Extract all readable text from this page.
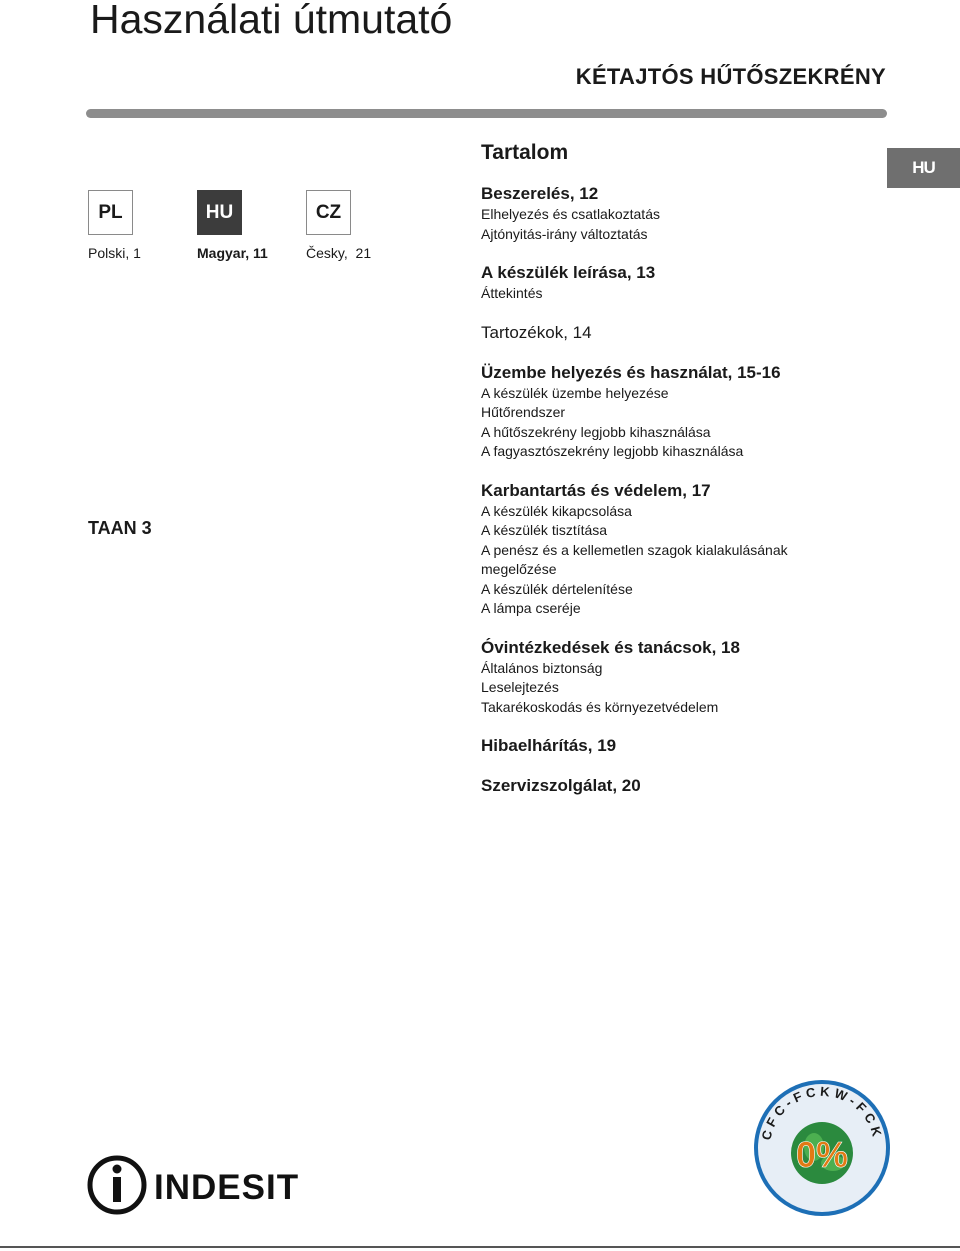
Használati útmutató
KÉTAJTÓS HŰTŐSZEKRÉNY
HU
PL	HU	CZ
Polski, 1	Magyar, 11	Česky,  21
TAAN 3
Tartalom
Beszerelés, 12
Elhelyezés és csatlakoztatás
Ajtónyitás-irány változtatás
A készülék leírása, 13
Áttekintés
Tartozékok, 14
Üzembe helyezés és használat, 15-16
A készülék üzembe helyezése
Hűtőrendszer
A hűtőszekrény legjobb kihasználása
A fagyasztószekrény legjobb kihasználása
Karbantartás és védelem, 17
A készülék kikapcsolása
A készülék tisztítása
A penész és a kellemetlen szagok kialakulásának
megelőzése
A készülék dértelenítése
A lámpa cseréje
Óvintézkedések és tanácsok, 18
Általános biztonság
Leselejtezés
Takarékoskodás és környezetvédelem
Hibaelhárítás, 19
Szervizszolgálat, 20
INDESIT
CFC-FCKW-FCK
0%
